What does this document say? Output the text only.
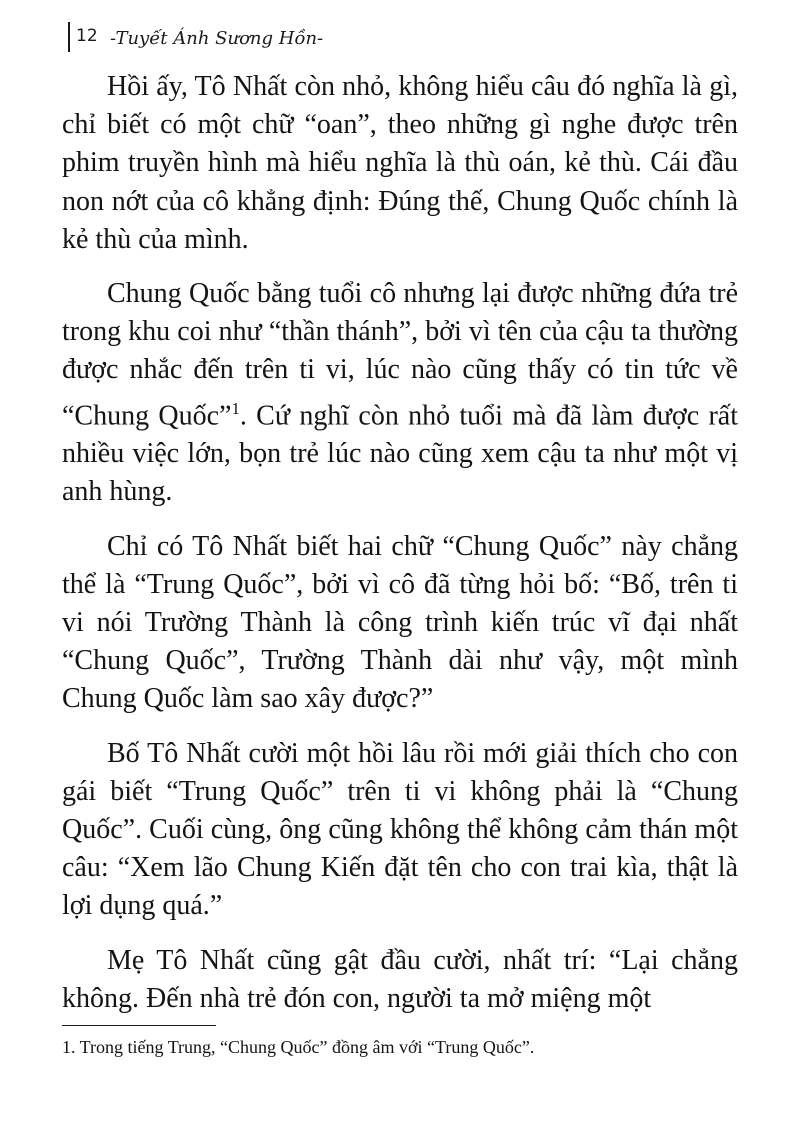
12 -Tuyết Ánh Sương Hồn-

Hồi ấy, Tô Nhất còn nhỏ, không hiểu câu đó nghĩa là gì, chỉ biết có một chữ “oan”, theo những gì nghe được trên phim truyền hình mà hiểu nghĩa là thù oán, kẻ thù. Cái đầu non nớt của cô khẳng định: Đúng thế, Chung Quốc chính là kẻ thù của mình.

Chung Quốc bằng tuổi cô nhưng lại được những đứa trẻ trong khu coi như “thần thánh”, bởi vì tên của cậu ta thường được nhắc đến trên ti vi, lúc nào cũng thấy có tin tức về “Chung Quốc”$^1$. Cứ nghĩ còn nhỏ tuổi mà đã làm được rất nhiều việc lớn, bọn trẻ lúc nào cũng xem cậu ta như một vị anh hùng.

Chỉ có Tô Nhất biết hai chữ “Chung Quốc” này chẳng thể là “Trung Quốc”, bởi vì cô đã từng hỏi bố: “Bố, trên ti vi nói Trường Thành là công trình kiến trúc vĩ đại nhất “Chung Quốc”, Trường Thành dài như vậy, một mình Chung Quốc làm sao xây được?”

Bố Tô Nhất cười một hồi lâu rồi mới giải thích cho con gái biết “Trung Quốc” trên ti vi không phải là “Chung Quốc”. Cuối cùng, ông cũng không thể không cảm thán một câu: “Xem lão Chung Kiến đặt tên cho con trai kìa, thật là lợi dụng quá.”

Mẹ Tô Nhất cũng gật đầu cười, nhất trí: “Lại chẳng không. Đến nhà trẻ đón con, người ta mở miệng một

1. Trong tiếng Trung, “Chung Quốc” đồng âm với “Trung Quốc”.
